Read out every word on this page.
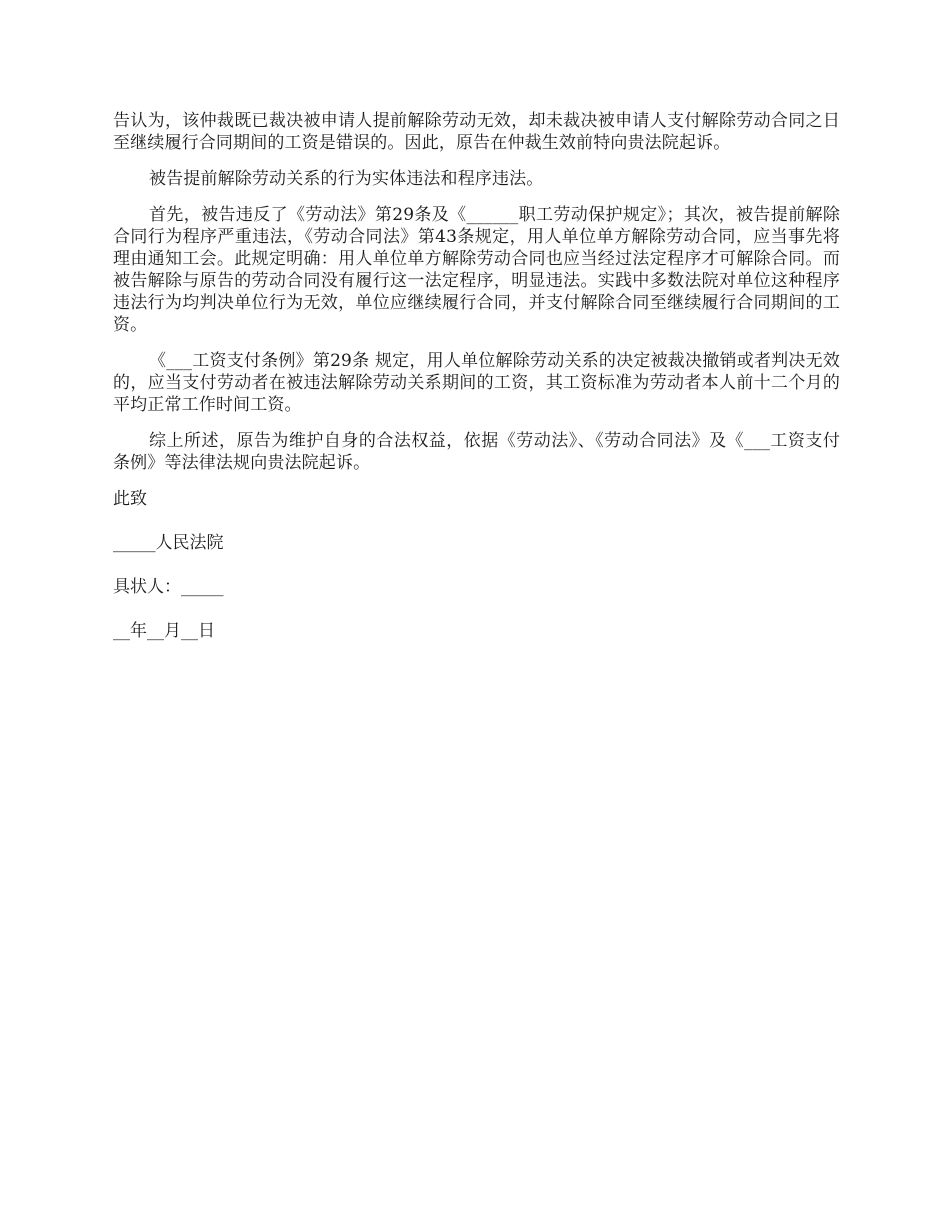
告认为，该仲裁既已裁决被申请人提前解除劳动无效，却未裁决被申请人支付解除劳动合同之日至继续履行合同期间的工资是错误的。因此，原告在仲裁生效前特向贵法院起诉。

被告提前解除劳动关系的行为实体违法和程序违法。

首先，被告违反了《劳动法》第29条及《______职工劳动保护规定》；其次，被告提前解除合同行为程序严重违法，《劳动合同法》第43条规定，用人单位单方解除劳动合同，应当事先将理由通知工会。此规定明确：用人单位单方解除劳动合同也应当经过法定程序才可解除合同。而被告解除与原告的劳动合同没有履行这一法定程序，明显违法。实践中多数法院对单位这种程序违法行为均判决单位行为无效，单位应继续履行合同，并支付解除合同至继续履行合同期间的工资。

《___工资支付条例》第29条 规定，用人单位解除劳动关系的决定被裁决撤销或者判决无效的，应当支付劳动者在被违法解除劳动关系期间的工资，其工资标准为劳动者本人前十二个月的平均正常工作时间工资。

综上所述，原告为维护自身的合法权益，依据《劳动法》、《劳动合同法》及《___工资支付条例》等法律法规向贵法院起诉。

此致
_____人民法院
具状人：_____
__年__月__日
